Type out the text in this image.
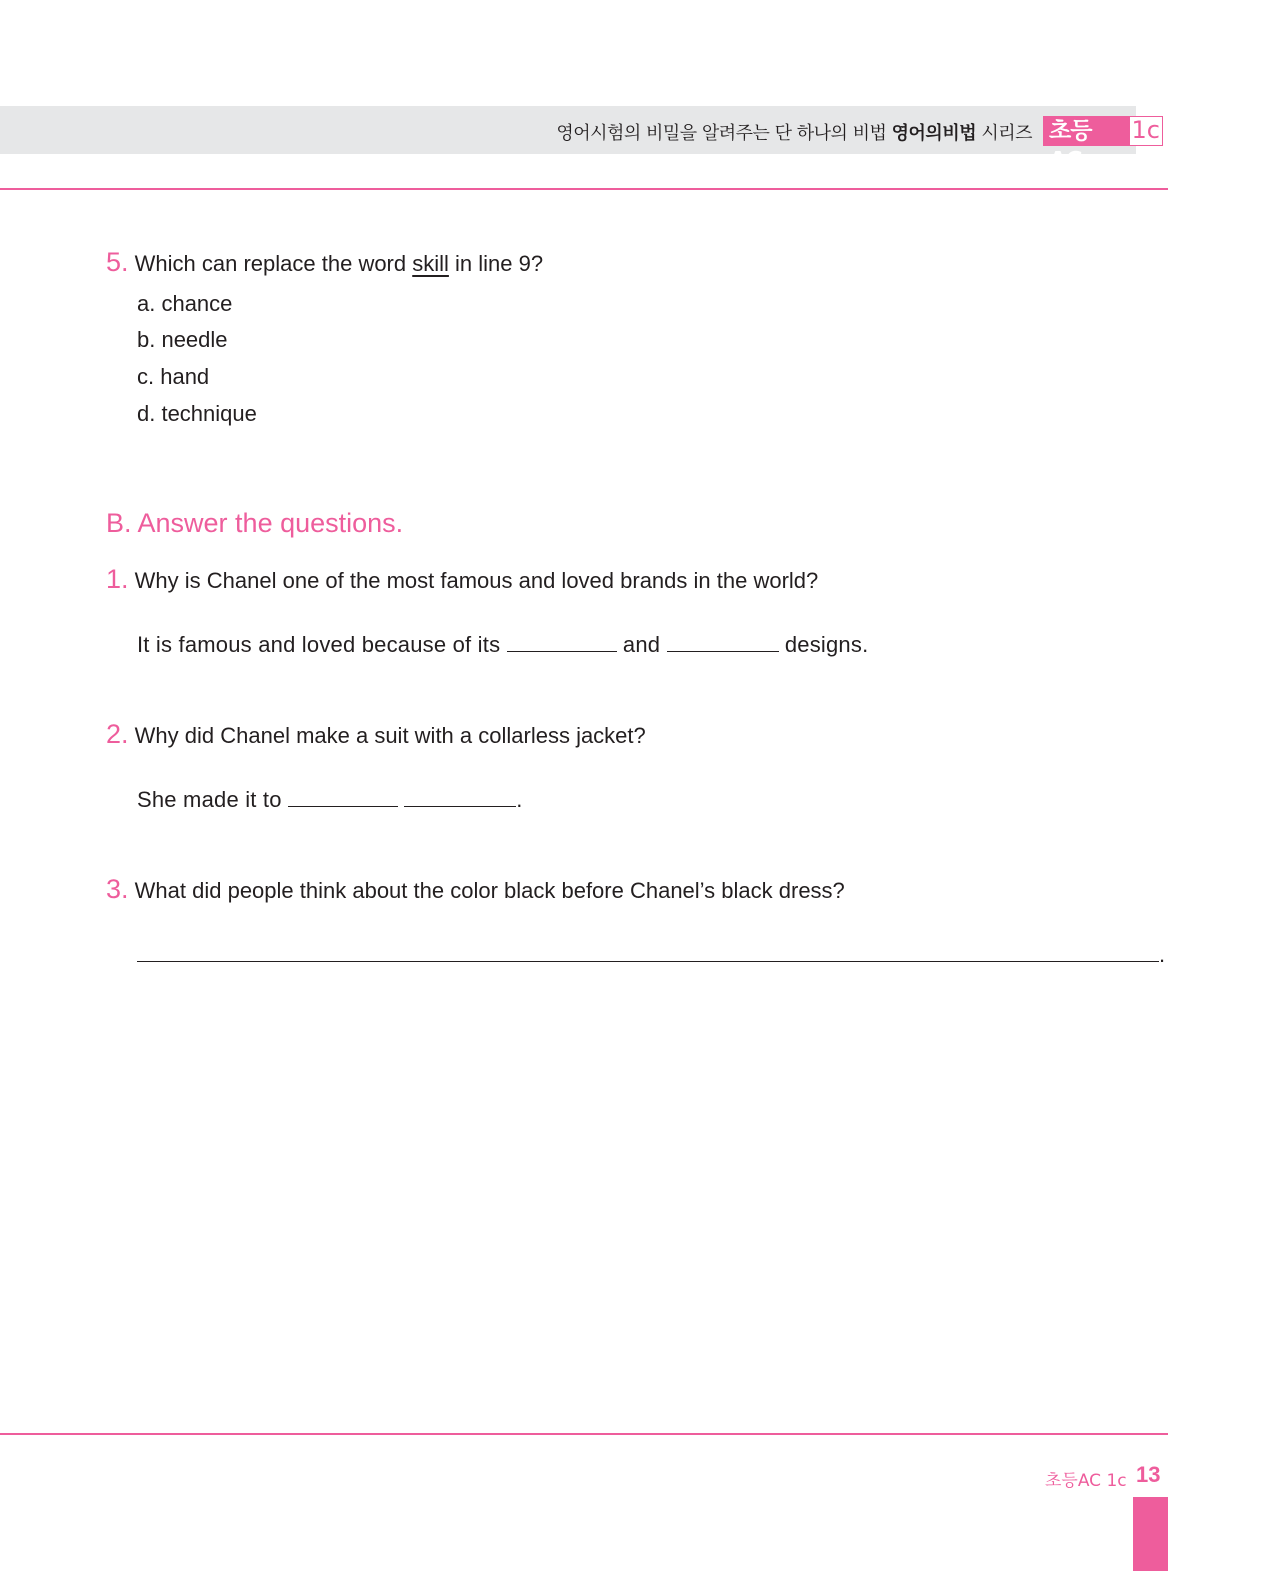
영어시험의 비밀을 알려주는 단 하나의 비법 영어의비법 시리즈 초등AC
1c
5. Which can replace the word skill in line 9?
a. chance
b. needle
c. hand
d. technique
B. Answer the questions.
1. Why is Chanel one of the most famous and loved brands in the world?
It is famous and loved because of its	and	designs.
2. Why did Chanel make a suit with a collarless jacket?
She made it to	.
3. What did people think about the color black before Chanel’s black dress?
.
초등AC 1c 13
